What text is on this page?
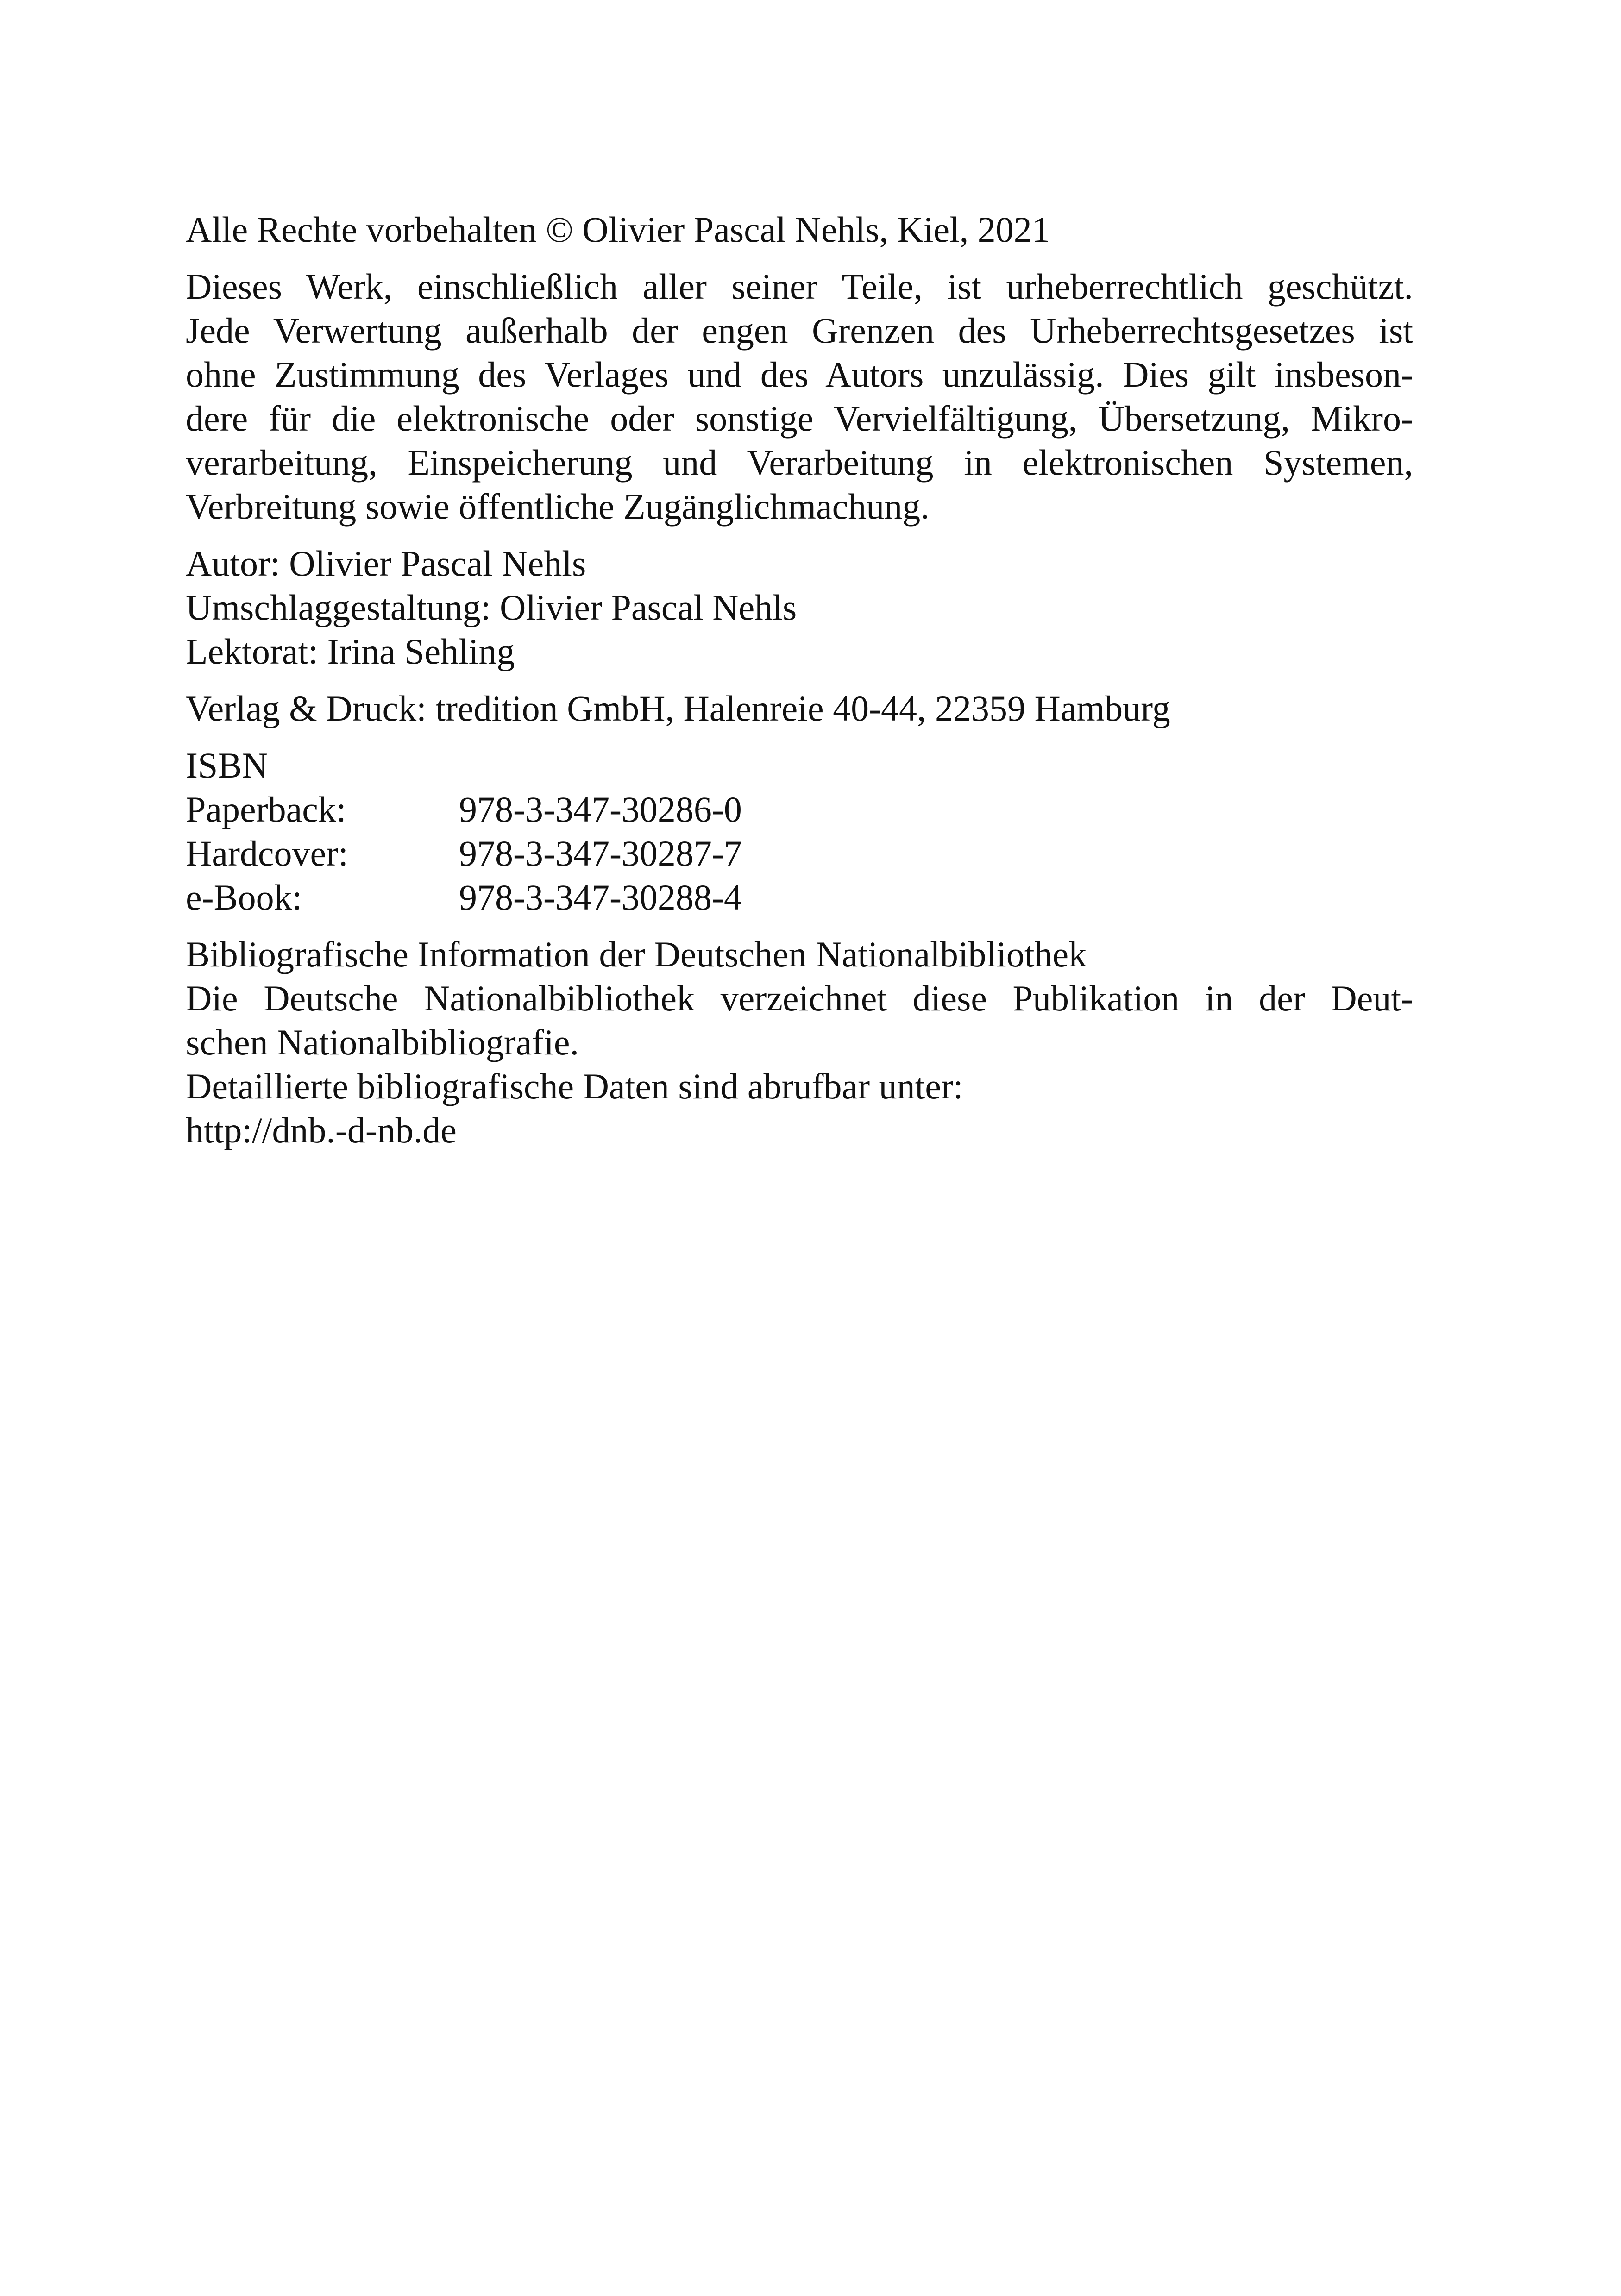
Alle Rechte vorbehalten © Olivier Pascal Nehls, Kiel, 2021

Dieses Werk, einschließlich aller seiner Teile, ist urheberrechtlich geschützt.
Jede Verwertung außerhalb der engen Grenzen des Urheberrechtsgesetzes ist
ohne Zustimmung des Verlages und des Autors unzulässig. Dies gilt insbeson-
dere für die elektronische oder sonstige Vervielfältigung, Übersetzung, Mikro-
verarbeitung, Einspeicherung und Verarbeitung in elektronischen Systemen,
Verbreitung sowie öffentliche Zugänglichmachung.

Autor: Olivier Pascal Nehls
Umschlaggestaltung: Olivier Pascal Nehls
Lektorat: Irina Sehling

Verlag & Druck: tredition GmbH, Halenreie 40-44, 22359 Hamburg

ISBN
Paperback:	978-3-347-30286-0
Hardcover:	978-3-347-30287-7
e-Book:	978-3-347-30288-4

Bibliografische Information der Deutschen Nationalbibliothek
Die Deutsche Nationalbibliothek verzeichnet diese Publikation in der Deut-
schen Nationalbibliografie.
Detaillierte bibliografische Daten sind abrufbar unter:
http://dnb.-d-nb.de
